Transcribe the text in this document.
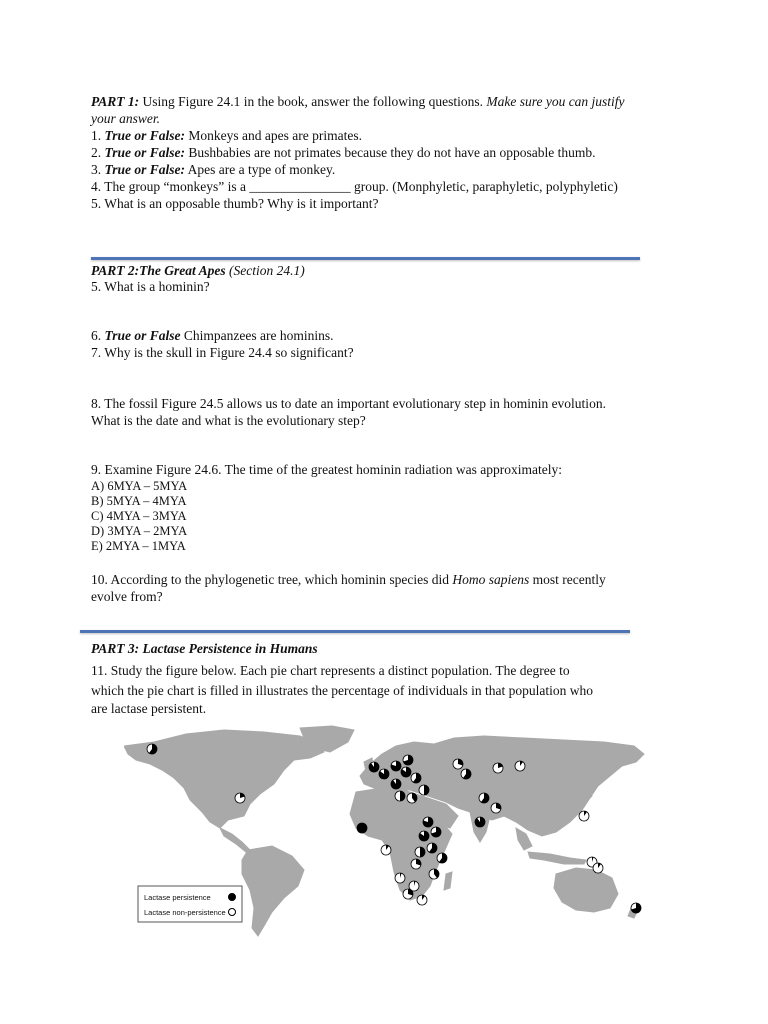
PART 1: Using Figure 24.1 in the book, answer the following questions. Make sure you can justify
your answer.
1. True or False: Monkeys and apes are primates.
2. True or False: Bushbabies are not primates because they do not have an opposable thumb.
3. True or False: Apes are a type of monkey.
4. The group “monkeys” is a _______________ group. (Monphyletic, paraphyletic, polyphyletic)
5. What is an opposable thumb? Why is it important?
PART 2:The Great Apes (Section 24.1)
5. What is a hominin?
6. True or False Chimpanzees are hominins.
7. Why is the skull in Figure 24.4 so significant?
8. The fossil Figure 24.5 allows us to date an important evolutionary step in hominin evolution.
What is the date and what is the evolutionary step?
9. Examine Figure 24.6. The time of the greatest hominin radiation was approximately:
A) 6MYA – 5MYA
B) 5MYA – 4MYA
C) 4MYA – 3MYA
D) 3MYA – 2MYA
E) 2MYA – 1MYA
10. According to the phylogenetic tree, which hominin species did Homo sapiens most recently
evolve from?
PART 3: Lactase Persistence in Humans
11. Study the figure below. Each pie chart represents a distinct population. The degree to
which the pie chart is filled in illustrates the percentage of individuals in that population who
are lactase persistent.
Lactase persistence
Lactase non-persistence
